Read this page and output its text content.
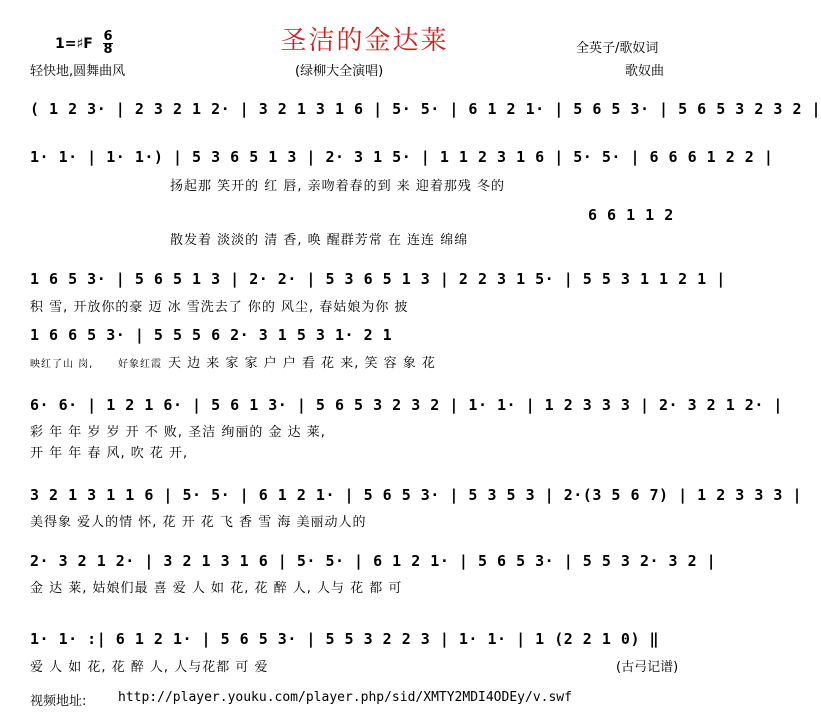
圣洁的金达莱
1=♯F 6
8
轻快地,圆舞曲风	(绿柳大全演唱)
全英子/歌奴词
歌奴曲
( 1 2 3· | 2 3 2 1 2· | 3 2 1 3 1 6 | 5· 5· | 6 1 2 1· | 5 6 5 3· | 5 6 5 3 2 3 2 |
1· 1· | 1· 1·) | 5 3 6 5 1 3 | 2· 3 1 5· | 1 1 2 3 1 6 | 5· 5· | 6 6 6 1 2 2 |
扬起那 笑开的 红 唇, 亲吻着春的到 来 迎着那残 冬的
6 6 1 1 2
散发着 淡淡的 清 香, 唤 醒群芳常 在 连连 绵绵
1 6 5 3· | 5 6 5 1 3 | 2· 2· | 5 3 6 5 1 3 | 2 2 3 1 5· | 5 5 3 1 1 2 1 |
积 雪, 开放你的豪 迈 冰 雪洗去了 你的 风尘, 春姑娘为你 披
1 6 6 5 3· | 5 5 5 6 2· 3 1 5 3 1· 2 1
映红了山 岗, 好象红霞 天 边 来 家 家 户 户 看 花 来, 笑 容 象 花
6· 6· | 1 2 1 6· | 5 6 1 3· | 5 6 5 3 2 3 2 | 1· 1· | 1 2 3 3 3 | 2· 3 2 1 2· |
彩 年 年 岁 岁 开 不 败, 圣洁 绚丽的 金 达 莱,
开 年 年 春 风, 吹 花 开,
3 2 1 3 1 1 6 | 5· 5· | 6 1 2 1· | 5 6 5 3· | 5 3 5 3 | 2·(3 5 6 7) | 1 2 3 3 3 |
美得象 爱人的情 怀, 花 开 花 飞 香 雪 海 美丽动人的
2· 3 2 1 2· | 3 2 1 3 1 6 | 5· 5· | 6 1 2 1· | 5 6 5 3· | 5 5 3 2· 3 2 |
金 达 莱, 姑娘们最 喜 爱 人 如 花, 花 醉 人, 人与 花 都 可
1· 1· :| 6 1 2 1· | 5 6 5 3· | 5 5 3 2 2 3 | 1· 1· | 1 (2 2 1 0) ‖
爱 人 如 花, 花 醉 人, 人与花都 可 爱	(古弓记谱)
视频地址: http://player.youku.com/player.php/sid/XMTY2MDI4ODEy/v.swf
